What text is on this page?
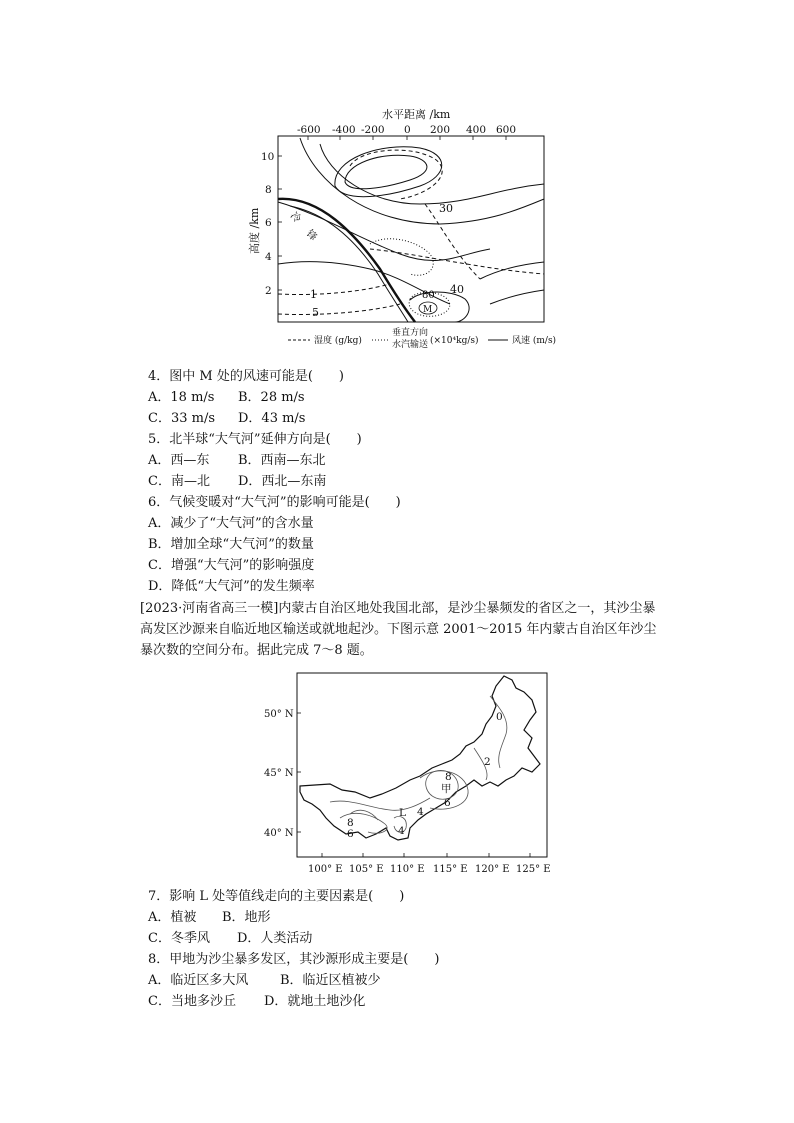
水平距离 /km
-600 -400 -200 0 200 400 600
10
8
6
4
2
高度 /km	冷
锋
30
40
80
1
5	M
湿度 (g/kg)
垂直方向
水汽输送 (×10⁴kg/s)	风速 (m/s)
4．图中 M 处的风速可能是(　　)
A．18 m/s B．28 m/s
C．33 m/s D．43 m/s
5．北半球“大气河”延伸方向是(　　)
A．西—东 B．西南—东北
C．南—北 D．西北—东南
6．气候变暖对“大气河”的影响可能是(　　)
A．减少了“大气河”的含水量
B．增加全球“大气河”的数量
C．增强“大气河”的影响强度
D．降低“大气河”的发生频率
[2023·河南省高三一模]内蒙古自治区地处我国北部，是沙尘暴频发的省区之一，其沙尘暴高发区沙源来自临近地区输送或就地起沙。下图示意 2001～2015 年内蒙古自治区年沙尘暴次数的空间分布。据此完成 7～8 题。
50° N
45° N
40° N
100° E 105° E 110° E 115° E 120° E 125° E
0
2
8
甲
6
4
L
8
6	4
7．影响 L 处等值线走向的主要因素是(　　)
A．植被 B．地形
C．冬季风 D．人类活动
8．甲地为沙尘暴多发区，其沙源形成主要是(　　)
A．临近区多大风 B．临近区植被少
C．当地多沙丘 D．就地土地沙化
